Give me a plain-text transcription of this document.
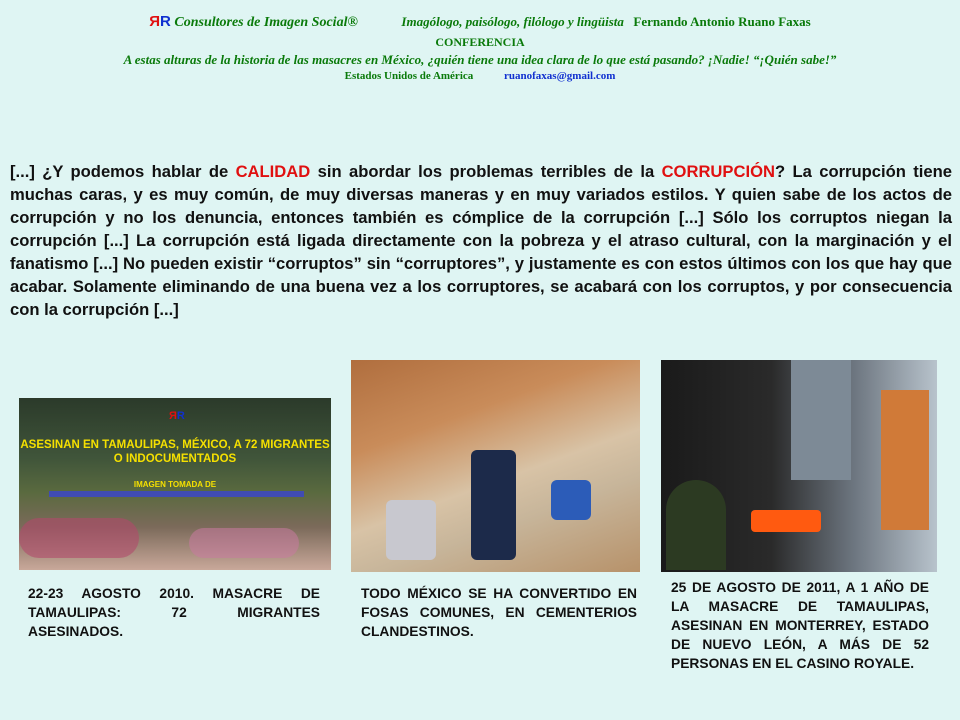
ЯR Consultores de Imagen Social®	Imagólogo, paisólogo, filólogo y lingüista Fernando Antonio Ruano Faxas
CONFERENCIA
A estas alturas de la historia de las masacres en México, ¿quién tiene una idea clara de lo que está pasando? ¡Nadie! “¡Quién sabe!”
Estados Unidos de América	ruanofaxas@gmail.com
[...] ¿Y podemos hablar de CALIDAD sin abordar los problemas terribles de la CORRUPCIÓN? La corrupción tiene muchas caras, y es muy común, de muy diversas maneras y en muy variados estilos. Y quien sabe de los actos de corrupción y no los denuncia, entonces también es cómplice de la corrupción [...] Sólo los corruptos niegan la corrupción [...] La corrupción está ligada directamente con la pobreza y el atraso cultural, con la marginación y el fanatismo [...] No pueden existir “corruptos” sin “corruptores”, y justamente es con estos últimos con los que hay que acabar. Solamente eliminando de una buena vez a los corruptores, se acabará con los corruptos, y por consecuencia con la corrupción [...]
ЯR
ASESINAN EN TAMAULIPAS, MÉXICO, A 72 MIGRANTES O INDOCUMENTADOS
IMAGEN TOMADA DE
22-23 AGOSTO 2010. MASACRE DE TAMAULIPAS: 72 MIGRANTES ASESINADOS.
TODO MÉXICO SE HA CONVERTIDO EN FOSAS COMUNES, EN CEMENTERIOS CLANDESTINOS.
25 DE AGOSTO DE 2011, A 1 AÑO DE LA MASACRE DE TAMAULIPAS, ASESINAN EN MONTERREY, ESTADO DE NUEVO LEÓN, A MÁS DE 52 PERSONAS EN EL CASINO ROYALE.
